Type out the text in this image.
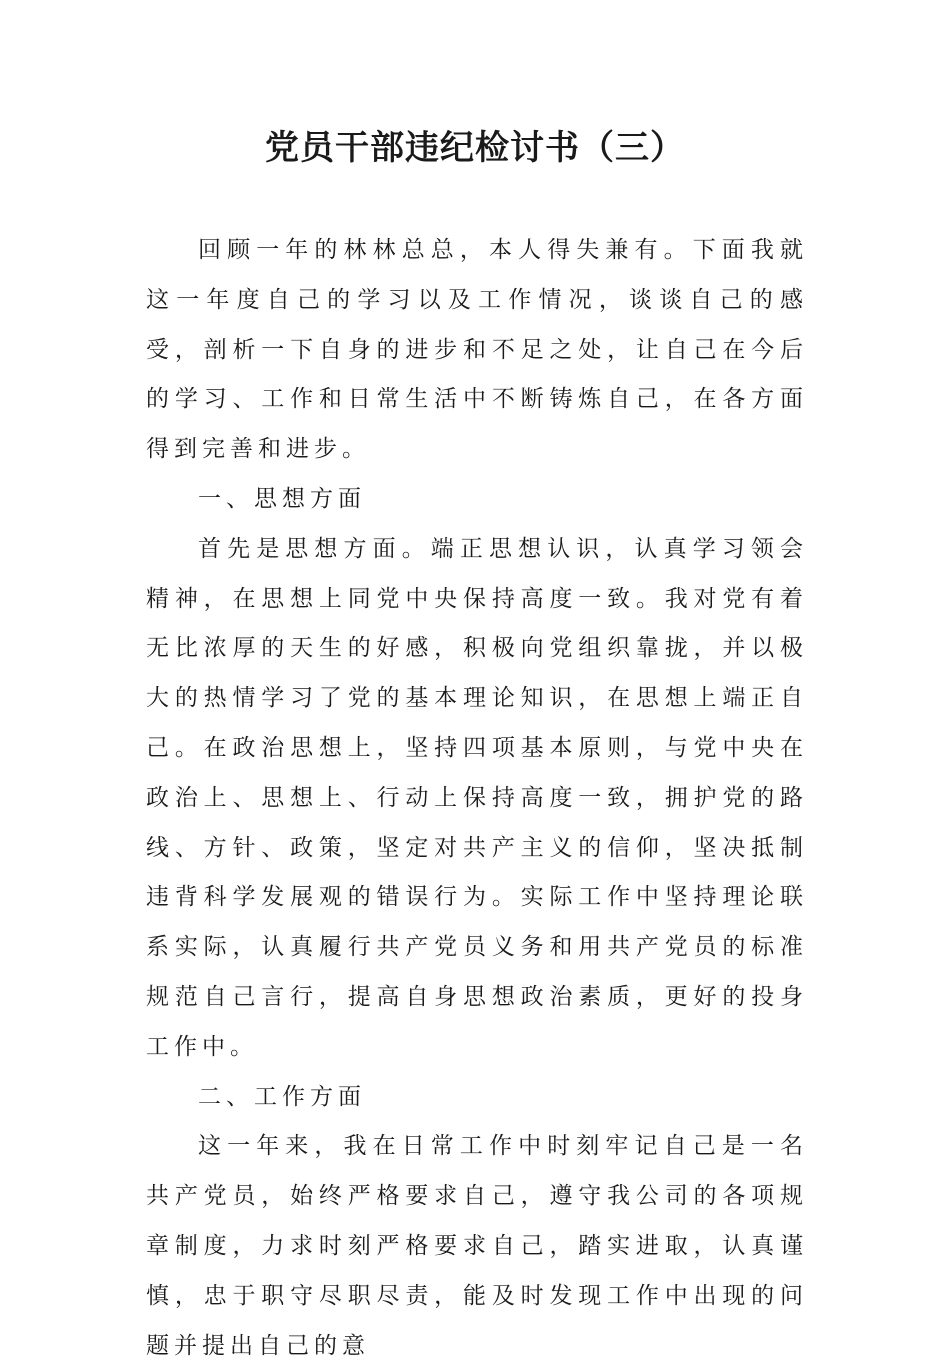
党员干部违纪检讨书（三）

回顾一年的林林总总，本人得失兼有。下面我就这一年度自己的学习以及工作情况，谈谈自己的感受，剖析一下自身的进步和不足之处，让自己在今后的学习、工作和日常生活中不断铸炼自己，在各方面得到完善和进步。

一、思想方面

首先是思想方面。端正思想认识，认真学习领会精神，在思想上同党中央保持高度一致。我对党有着无比浓厚的天生的好感，积极向党组织靠拢，并以极大的热情学习了党的基本理论知识，在思想上端正自己。在政治思想上，坚持四项基本原则，与党中央在政治上、思想上、行动上保持高度一致，拥护党的路线、方针、政策，坚定对共产主义的信仰，坚决抵制违背科学发展观的错误行为。实际工作中坚持理论联系实际，认真履行共产党员义务和用共产党员的标准规范自己言行，提高自身思想政治素质，更好的投身工作中。

二、工作方面

这一年来，我在日常工作中时刻牢记自己是一名共产党员，始终严格要求自己，遵守我公司的各项规章制度，力求时刻严格要求自己，踏实进取，认真谨慎，忠于职守尽职尽责，能及时发现工作中出现的问题并提出自己的意
